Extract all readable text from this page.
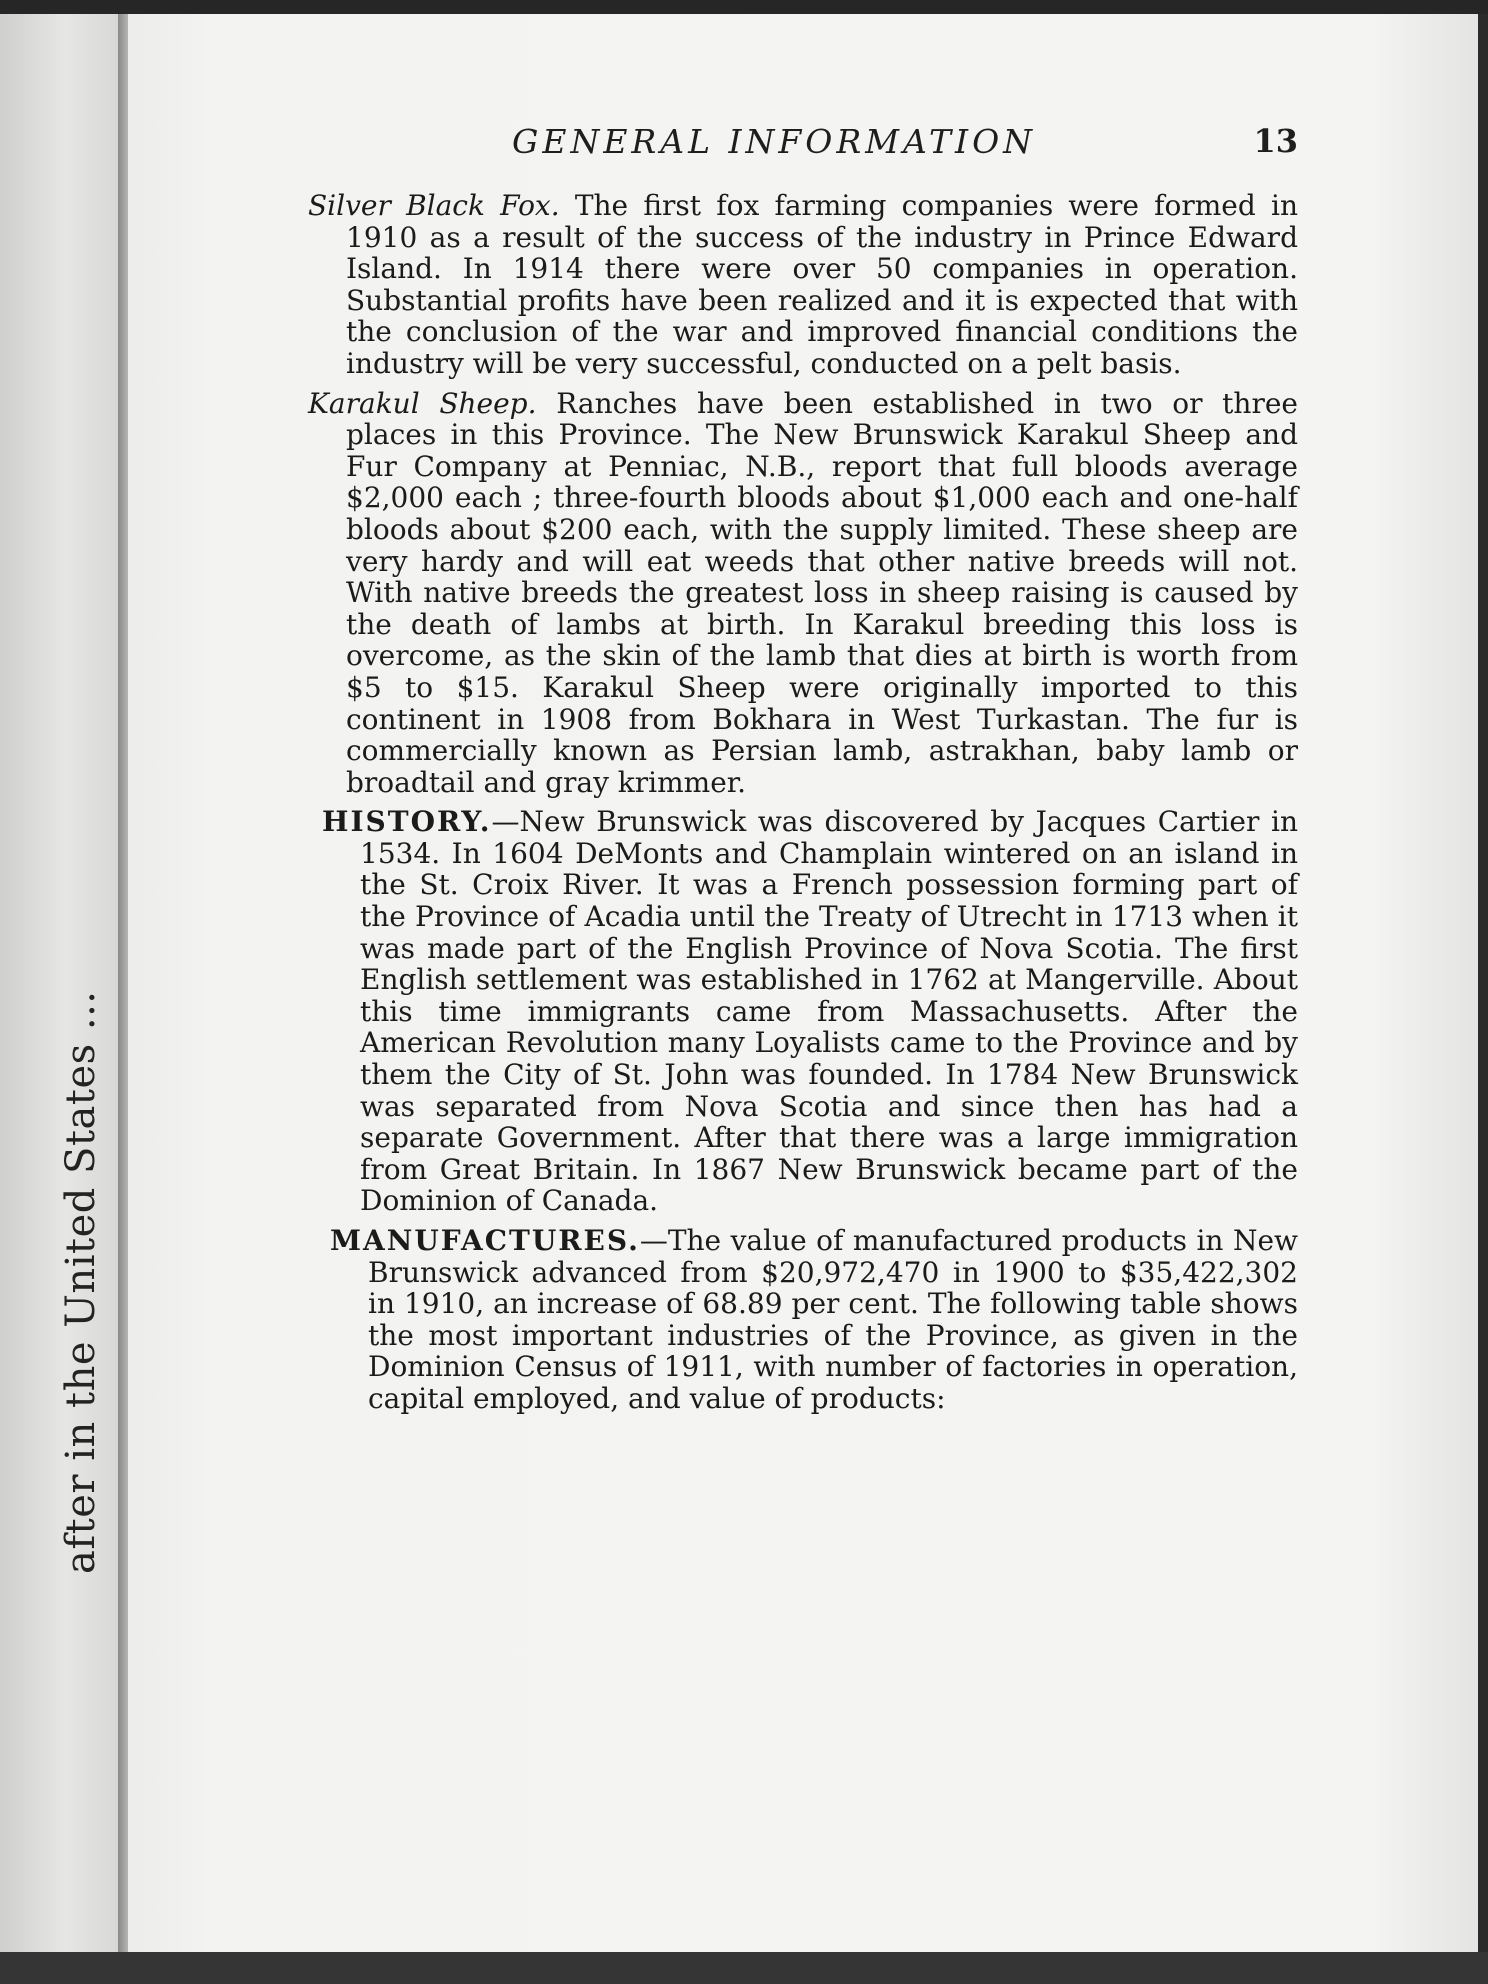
after in the United States ...
GENERAL INFORMATION	13

Silver Black Fox. The first fox farming companies were formed in 1910 as a result of the success of the industry in Prince Edward Island. In 1914 there were over 50 companies in operation. Substantial profits have been realized and it is expected that with the conclusion of the war and improved financial conditions the industry will be very successful, conducted on a pelt basis.

Karakul Sheep. Ranches have been established in two or three places in this Province. The New Brunswick Karakul Sheep and Fur Company at Penniac, N.B., report that full bloods average $2,000 each ; three-fourth bloods about $1,000 each and one-half bloods about $200 each, with the supply limited. These sheep are very hardy and will eat weeds that other native breeds will not. With native breeds the greatest loss in sheep raising is caused by the death of lambs at birth. In Karakul breeding this loss is overcome, as the skin of the lamb that dies at birth is worth from $5 to $15. Karakul Sheep were originally imported to this continent in 1908 from Bokhara in West Turkastan. The fur is commercially known as Persian lamb, astrakhan, baby lamb or broadtail and gray krimmer.

HISTORY.—New Brunswick was discovered by Jacques Cartier in 1534. In 1604 DeMonts and Champlain wintered on an island in the St. Croix River. It was a French possession forming part of the Province of Acadia until the Treaty of Utrecht in 1713 when it was made part of the English Province of Nova Scotia. The first English settlement was established in 1762 at Mangerville. About this time immigrants came from Massachusetts. After the American Revolution many Loyalists came to the Province and by them the City of St. John was founded. In 1784 New Brunswick was separated from Nova Scotia and since then has had a separate Government. After that there was a large immigration from Great Britain. In 1867 New Brunswick became part of the Dominion of Canada.

MANUFACTURES.—The value of manufactured products in New Brunswick advanced from $20,972,470 in 1900 to $35,422,302 in 1910, an increase of 68.89 per cent. The following table shows the most important industries of the Province, as given in the Dominion Census of 1911, with number of factories in operation, capital employed, and value of products:
